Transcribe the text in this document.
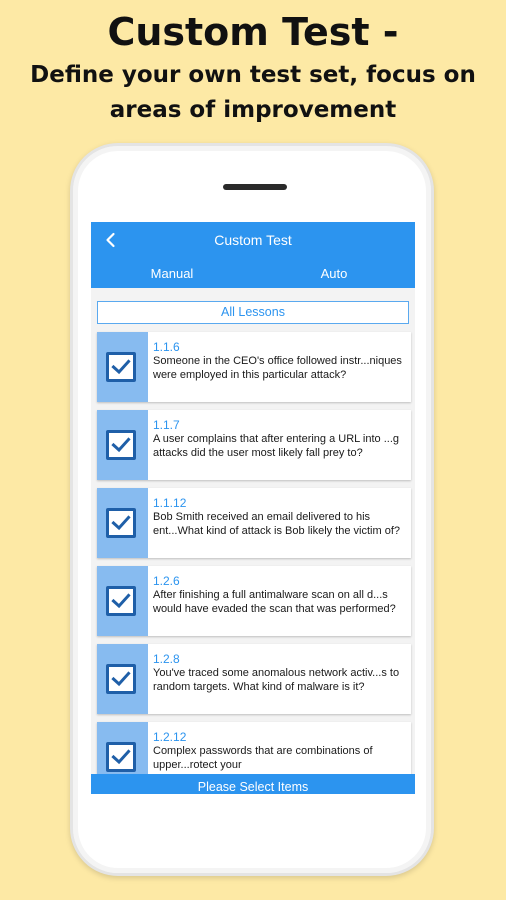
Custom Test -
Define your own test set, focus on areas of improvement
Custom Test
Manual	Auto
All Lessons
1.1.6
Someone in the CEO's office followed instr...niques were employed in this particular attack?
1.1.7
A user complains that after entering a URL into ...g attacks did the user most likely fall prey to?
1.1.12
Bob Smith received an email delivered to his ent...What kind of attack is Bob likely the victim of?
1.2.6
After finishing a full antimalware scan on all d...s would have evaded the scan that was performed?
1.2.8
You've traced some anomalous network activ...s to random targets. What kind of malware is it?
1.2.12
Complex passwords that are combinations of upper...rotect your
Please Select Items
